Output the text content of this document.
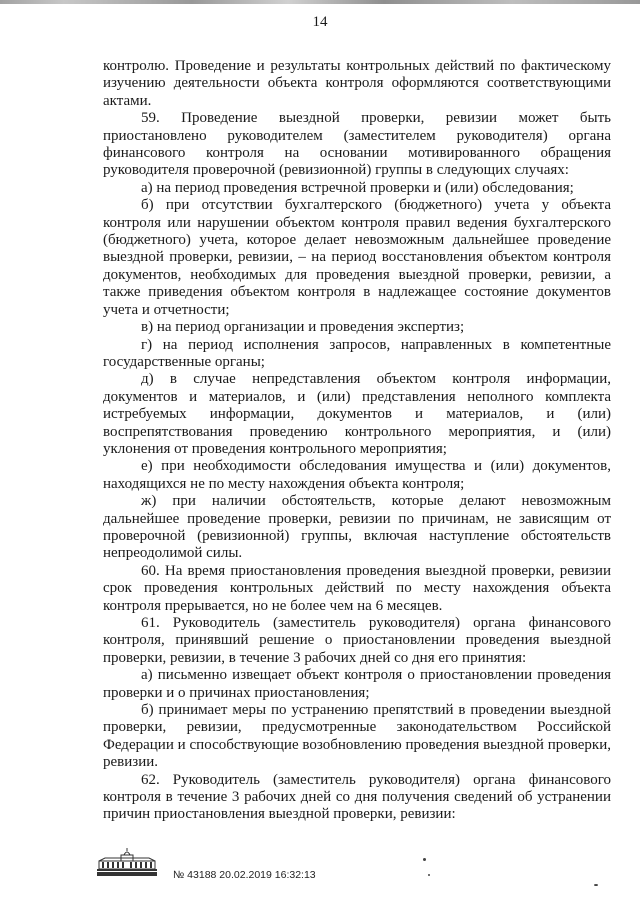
14

контролю. Проведение и результаты контрольных действий по фактическому изучению деятельности объекта контроля оформляются соответствующими актами.

59. Проведение выездной проверки, ревизии может быть приостановлено руководителем (заместителем руководителя) органа финансового контроля на основании мотивированного обращения руководителя проверочной (ревизионной) группы в следующих случаях:

а) на период проведения встречной проверки и (или) обследования;

б) при отсутствии бухгалтерского (бюджетного) учета у объекта контроля или нарушении объектом контроля правил ведения бухгалтерского (бюджетного) учета, которое делает невозможным дальнейшее проведение выездной проверки, ревизии, – на период восстановления объектом контроля документов, необходимых для проведения выездной проверки, ревизии, а также приведения объектом контроля в надлежащее состояние документов учета и отчетности;

в) на период организации и проведения экспертиз;

г) на период исполнения запросов, направленных в компетентные государственные органы;

д) в случае непредставления объектом контроля информации, документов и материалов, и (или) представления неполного комплекта истребуемых информации, документов и материалов, и (или) воспрепятствования проведению контрольного мероприятия, и (или) уклонения от проведения контрольного мероприятия;

е) при необходимости обследования имущества и (или) документов, находящихся не по месту нахождения объекта контроля;

ж) при наличии обстоятельств, которые делают невозможным дальнейшее проведение проверки, ревизии по причинам, не зависящим от проверочной (ревизионной) группы, включая наступление обстоятельств непреодолимой силы.

60. На время приостановления проведения выездной проверки, ревизии срок проведения контрольных действий по месту нахождения объекта контроля прерывается, но не более чем на 6 месяцев.

61. Руководитель (заместитель руководителя) органа финансового контроля, принявший решение о приостановлении проведения выездной проверки, ревизии, в течение 3 рабочих дней со дня его принятия:

а) письменно извещает объект контроля о приостановлении проведения проверки и о причинах приостановления;

б) принимает меры по устранению препятствий в проведении выездной проверки, ревизии, предусмотренные законодательством Российской Федерации и способствующие возобновлению проведения выездной проверки, ревизии.

62. Руководитель (заместитель руководителя) органа финансового контроля в течение 3 рабочих дней со дня получения сведений об устранении причин приостановления выездной проверки, ревизии:

№ 43188 20.02.2019 16:32:13
